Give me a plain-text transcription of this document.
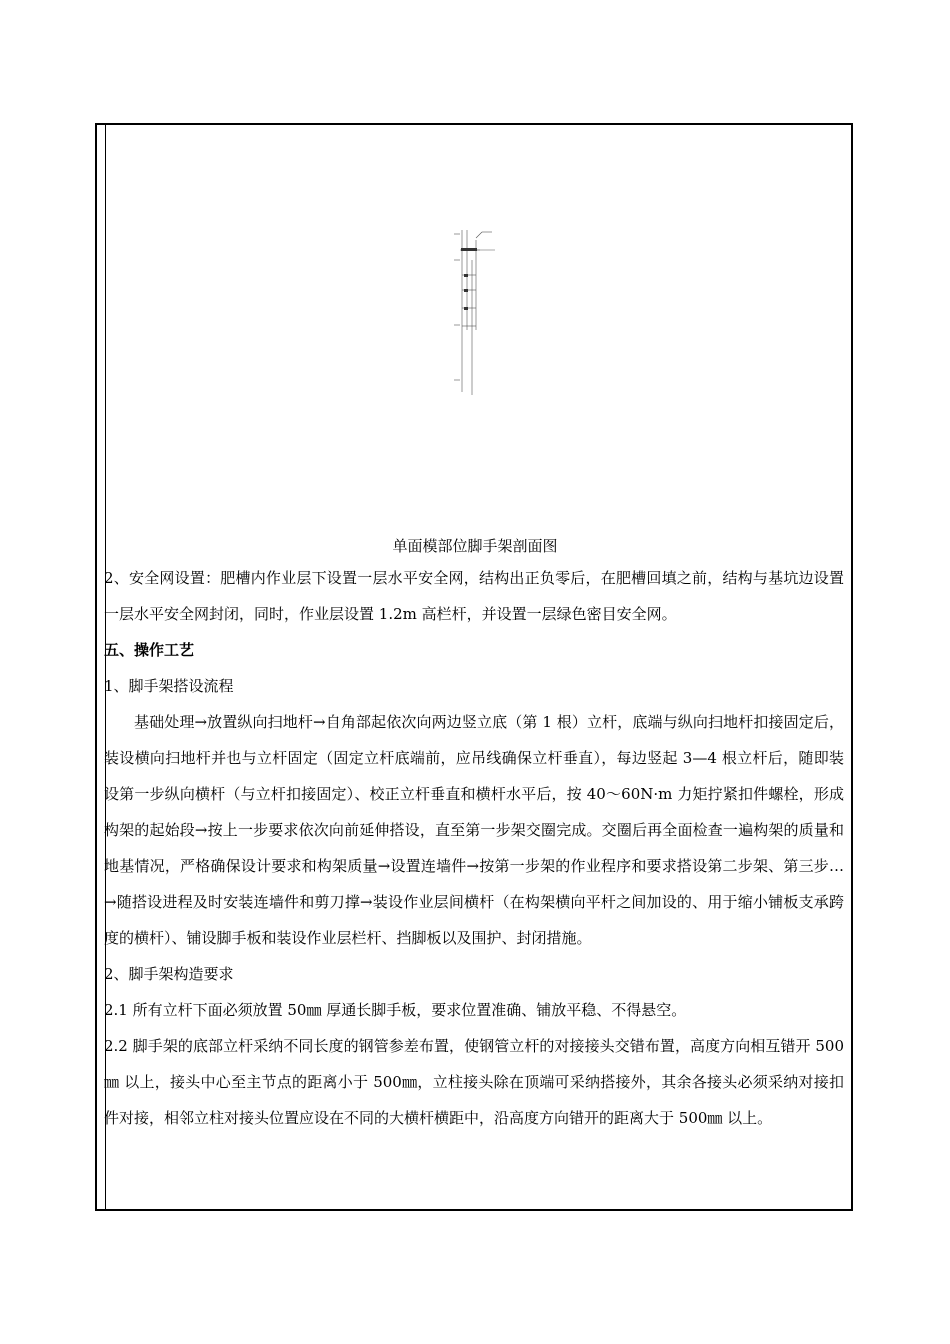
单面模部位脚手架剖面图

2、安全网设置：肥槽内作业层下设置一层水平安全网，结构出正负零后，在肥槽回填之前，结构与基坑边设置一层水平安全网封闭，同时，作业层设置 1.2m 高栏杆，并设置一层绿色密目安全网。

五、操作工艺

1、脚手架搭设流程

基础处理→放置纵向扫地杆→自角部起依次向两边竖立底（第 1 根）立杆，底端与纵向扫地杆扣接固定后，装设横向扫地杆并也与立杆固定（固定立杆底端前，应吊线确保立杆垂直），每边竖起 3—4 根立杆后，随即装设第一步纵向横杆（与立杆扣接固定）、校正立杆垂直和横杆水平后，按 40～60N·m 力矩拧紧扣件螺栓，形成构架的起始段→按上一步要求依次向前延伸搭设，直至第一步架交圈完成。交圈后再全面检查一遍构架的质量和地基情况，严格确保设计要求和构架质量→设置连墙件→按第一步架的作业程序和要求搭设第二步架、第三步…→随搭设进程及时安装连墙件和剪刀撑→装设作业层间横杆（在构架横向平杆之间加设的、用于缩小铺板支承跨度的横杆）、铺设脚手板和装设作业层栏杆、挡脚板以及围护、封闭措施。

2、脚手架构造要求

2.1 所有立杆下面必须放置 50㎜ 厚通长脚手板，要求位置准确、铺放平稳、不得悬空。

2.2 脚手架的底部立杆采纳不同长度的钢管参差布置，使钢管立杆的对接接头交错布置，高度方向相互错开 500㎜ 以上，接头中心至主节点的距离小于 500㎜，立柱接头除在顶端可采纳搭接外，其余各接头必须采纳对接扣件对接，相邻立柱对接头位置应设在不同的大横杆横距中，沿高度方向错开的距离大于 500㎜ 以上。
